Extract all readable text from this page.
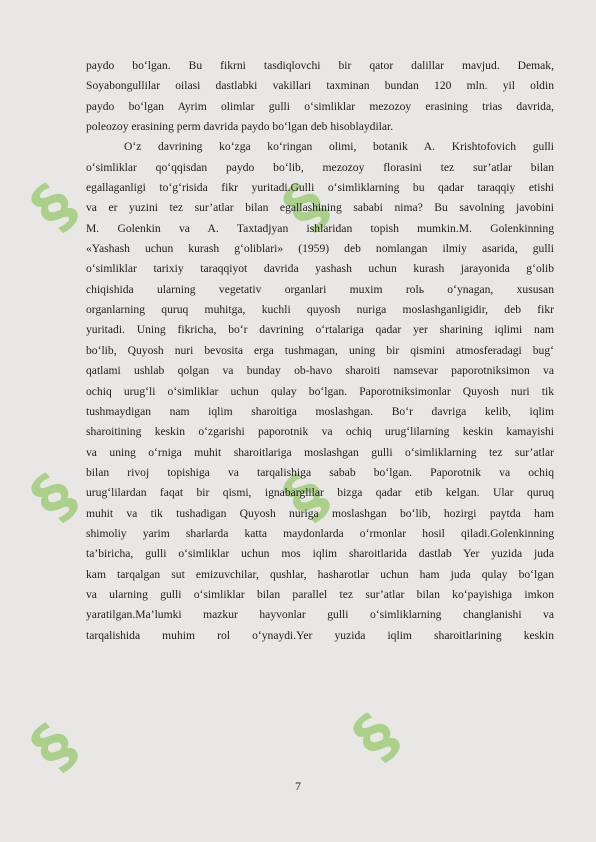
§	§
§	§
§	§
paydo bo‘lgan. Bu fikrni tasdiqlovchi bir qator dalillar mavjud. Demak,
Soyabongullilar oilasi dastlabki vakillari taxminan bundan 120 mln. yil oldin
paydo bo‘lgan Ayrim olimlar gulli o‘simliklar mezozoy erasining trias davrida,
poleozoy erasining perm davrida paydo bo‘lgan deb hisoblaydilar.
O‘z davrining ko‘zga ko‘ringan olimi, botanik A. Krishtofovich gulli
o‘simliklar qo‘qqisdan paydo bo‘lib, mezozoy florasini tez sur’atlar bilan
egallaganligi to‘g‘risida fikr yuritadi.Gulli o‘simliklarning bu qadar taraqqiy etishi
va er yuzini tez sur’atlar bilan egallashining sababi nima? Bu savolning javobini
M. Golenkin va A. Taxtadjyan ishlaridan topish mumkin.M. Golenkinning
«Yashash uchun kurash g‘oliblari» (1959) deb nomlangan ilmiy asarida, gulli
o‘simliklar tarixiy taraqqiyot davrida yashash uchun kurash jarayonida g‘olib
chiqishida ularning vegetativ organlari muxim rolь o‘ynagan, xususan
organlarning quruq muhitga, kuchli quyosh nuriga moslashganligidir, deb fikr
yuritadi. Uning fikricha, bo‘r davrining o‘rtalariga qadar yer sharining iqlimi nam
bo‘lib, Quyosh nuri bevosita erga tushmagan, uning bir qismini atmosferadagi bug‘
qatlami ushlab qolgan va bunday ob-havo sharoiti namsevar paporotniksimon va
ochiq urug‘li o‘simliklar uchun qulay bo‘lgan. Paporotniksimonlar Quyosh nuri tik
tushmaydigan nam iqlim sharoitiga moslashgan. Bo‘r davriga kelib, iqlim
sharoitining keskin o‘zgarishi paporotnik va ochiq urug‘lilarning keskin kamayishi
va uning o‘rniga muhit sharoitlariga moslashgan gulli o‘simliklarning tez sur’atlar
bilan rivoj topishiga va tarqalishiga sabab bo‘lgan. Paporotnik va ochiq
urug‘lilardan faqat bir qismi, ignabarglilar bizga qadar etib kelgan. Ular quruq
muhit va tik tushadigan Quyosh nuriga moslashgan bo‘lib, hozirgi paytda ham
shimoliy yarim sharlarda katta maydonlarda o‘rmonlar hosil qiladi.Golenkinning
ta’biricha, gulli o‘simliklar uchun mos iqlim sharoitlarida dastlab Yer yuzida juda
kam tarqalgan sut emizuvchilar, qushlar, hasharotlar uchun ham juda qulay bo‘lgan
va ularning gulli o‘simliklar bilan parallel tez sur’atlar bilan ko‘payishiga imkon
yaratilgan.Ma’lumki mazkur hayvonlar gulli o‘simliklarning changlanishi va
tarqalishida muhim rol o‘ynaydi.Yer yuzida iqlim sharoitlarining keskin
7
